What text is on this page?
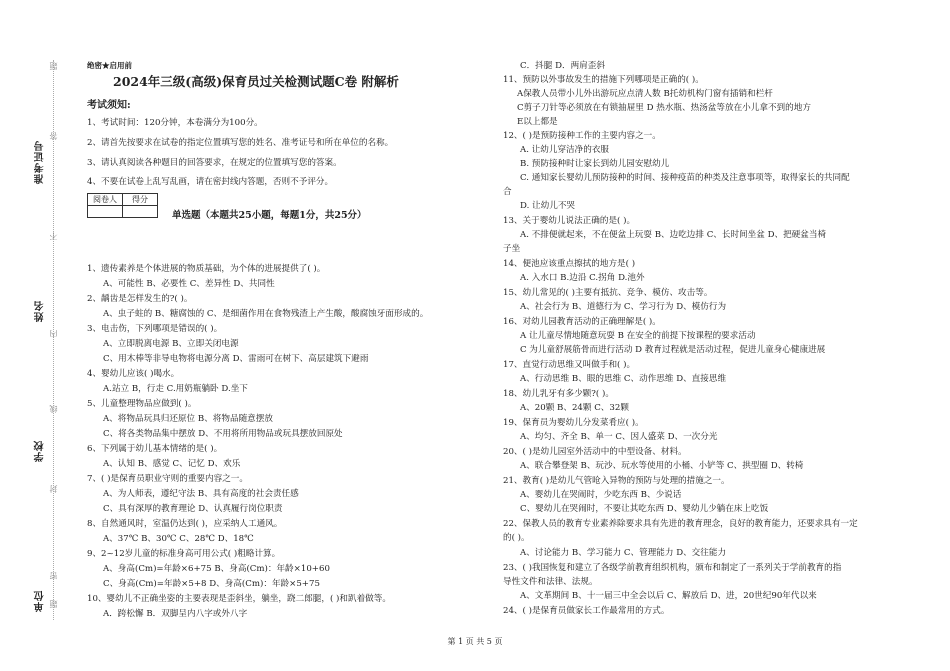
准考证号
姓名
学校
单位
题
答
不
内
线
封
密
题
绝密★启用前
2024年三级(高级)保育员过关检测试题C卷 附解析
考试须知:
1、考试时间：120分钟，本卷满分为100分。
2、请首先按要求在试卷的指定位置填写您的姓名、准考证号和所在单位的名称。
3、请认真阅读各种题目的回答要求，在规定的位置填写您的答案。
4、不要在试卷上乱写乱画，请在密封线内答题，否则不予评分。
阅卷人	得分

单选题（本题共25小题，每题1分，共25分）
1、遗传素养是个体进展的物质基础，为个体的进展提供了( )。
A、可能性 B、必要性 C、差异性 D、共同性
2、龋齿是怎样发生的?( )。
A、虫子蛀的 B、糖腐蚀的 C、是细菌作用在食物残渣上产生酸，酸腐蚀牙面形成的。
3、电击伤，下列哪项是错误的( )。
A、立即脱离电源 B、立即关闭电源
C、用木棒等非导电物将电源分离 D、雷雨可在树下、高层建筑下避雨
4、婴幼儿应该( )喝水。
A.站立 B，行走 C.用奶瓶躺卧 D.坐下
5、儿童整理物品应做到( )。
A、将物品玩具归还原位 B、将物品随意摆放
C、将各类物品集中摆放 D、不用将所用物品或玩具摆放回原处
6、下列属于幼儿基本情绪的是( )。
A、认知 B、感觉 C、记忆 D、欢乐
7、( )是保育员职业守则的重要内容之一。
A、为人师表，遵纪守法 B、具有高度的社会责任感
C、具有深厚的教育理论 D、认真履行岗位职责
8、自然通风时，室温仍达到( )，应采纳人工通风。
A、37℃ B、30℃ C、28℃ D、18℃
9、2~12岁儿童的标准身高可用公式( )粗略计算。
A、身高(Cm)=年龄×6+75 B、身高(Cm)：年龄×10+60
C、身高(Cm)=年龄×5+8 D、身高(Cm)：年龄×5+75
10、婴幼儿不正确坐姿的主要表现是歪斜坐，躺坐，跷二郎腿，( )和趴着做等。
A．跨松懈 B．双脚呈内八字或外八字
C．抖腿 D．两肩歪斜
11、预防以外事故发生的措施下列哪项是正确的( )。
A保教人员带小儿外出游玩应点清人数 B托幼机构门窗有插销和栏杆
C剪子刀针等必须放在有锁抽屉里 D 热水瓶、热汤盆等放在小儿拿不到的地方
E以上都是
12、( )是预防接种工作的主要内容之一。
A. 让幼儿穿洁净的衣服
B. 预防接种时让家长到幼儿园安慰幼儿
C. 通知家长婴幼儿预防接种的时间、接种疫苗的种类及注意事项等，取得家长的共同配
合
D. 让幼儿不哭
13、关于婴幼儿说法正确的是( )。
A. 不排便就起来，不在便盆上玩耍 B、边吃边排 C、长时间坐盆 D、把硬盆当椅
子坐
14、便池应该重点擦拭的地方是( )
A. 入水口 B.边沿 C.拐角 D.池外
15、幼儿常见的( )主要有抵抗、竞争、模仿、攻击等。
A、社会行为 B、道德行为 C、学习行为 D、模仿行为
16、对幼儿园教育活动的正确理解是( )。
A 让儿童尽情地随意玩耍 B 在安全的前提下按课程的要求活动
C 为儿童舒展筋骨而进行活动 D 教育过程就是活动过程，促进儿童身心健康进展
17、直觉行动思维又叫做手和( )。
A、行动思维 B、眼的思维 C、动作思维 D、直接思维
18、幼儿乳牙有多少颗?( )。
A、20颗 B、24颗 C、32颗
19、保育员为婴幼儿分发菜肴应( )。
A、均匀、齐全 B、单一 C、因人盛菜 D、一次分光
20、( )是幼儿园室外活动中的中型设备、材料。
A、联合攀登架 B、玩沙、玩水等使用的小桶、小铲等 C、拱型圈 D、转椅
21、教育( )是幼儿气管呛入异物的预防与处理的措施之一。
A、婴幼儿在哭闹时，少吃东西 B、少说话
C、婴幼儿在哭闹时，不要让其吃东西 D、婴幼儿少躺在床上吃饭
22、保教人员的教育专业素养除要求具有先进的教育理念，良好的教育能力，还要求具有一定
的( )。
A、讨论能力 B、学习能力 C、管理能力 D、交往能力
23、( )我国恢复和建立了各级学前教育组织机构，颁布和制定了一系列关于学前教育的指
导性文件和法律、法规。
A、文革期间 B、十一届三中全会以后 C、解放后 D、进，20世纪90年代以来
24、( )是保育员做家长工作最常用的方式。
第 1 页 共 5 页
